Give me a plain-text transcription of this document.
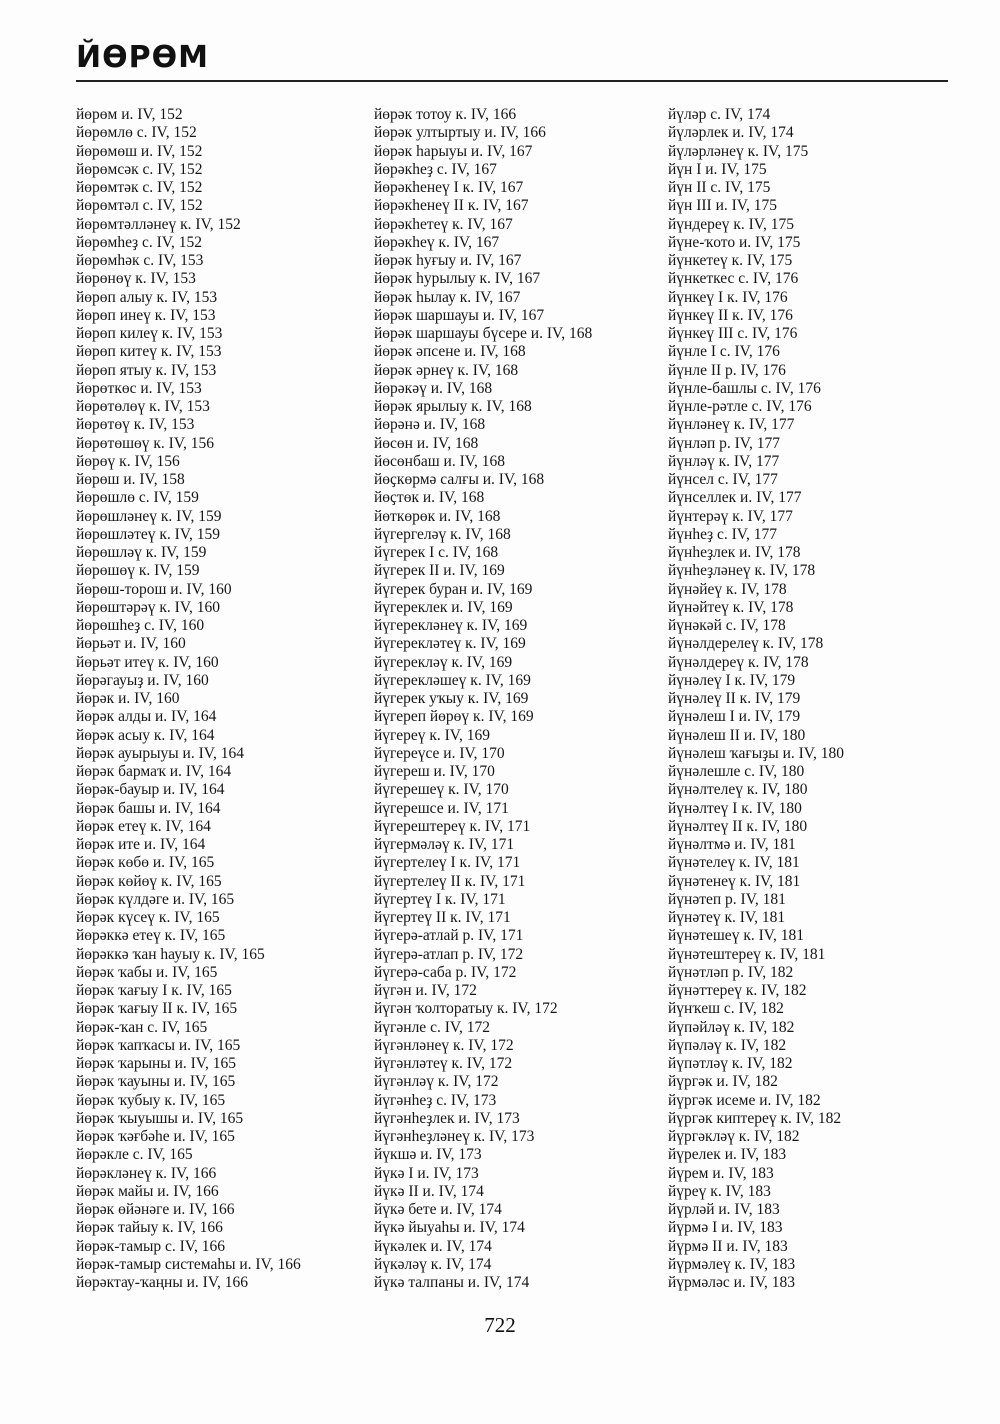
ЙӨРӨМ
йөрөм и. IV, 152
йөрөмлө с. IV, 152
йөрөмөш и. IV, 152
йөрөмсәк с. IV, 152
йөрөмтәк с. IV, 152
йөрөмтәл с. IV, 152
йөрөмтәлләнеү к. IV, 152
йөрөмһеҙ с. IV, 152
йөрөмһәк с. IV, 153
йөрөнөү к. IV, 153
йөрөп алыу к. IV, 153
йөрөп инеү к. IV, 153
йөрөп килеү к. IV, 153
йөрөп китеү к. IV, 153
йөрөп ятыу к. IV, 153
йөрөткөс и. IV, 153
йөрөтөлөү к. IV, 153
йөрөтөү к. IV, 153
йөрөтөшөү к. IV, 156
йөрөү к. IV, 156
йөрөш и. IV, 158
йөрөшлө с. IV, 159
йөрөшләнеү к. IV, 159
йөрөшләтеү к. IV, 159
йөрөшләү к. IV, 159
йөрөшөү к. IV, 159
йөрөш-торош и. IV, 160
йөрөштәрәү к. IV, 160
йөрөшһеҙ с. IV, 160
йөрьәт и. IV, 160
йөрьәт итеү к. IV, 160
йөрәгауыҙ и. IV, 160
йөрәк и. IV, 160
йөрәк алды и. IV, 164
йөрәк асыу к. IV, 164
йөрәк ауырыуы и. IV, 164
йөрәк бармаҡ и. IV, 164
йөрәк-бауыр и. IV, 164
йөрәк башы и. IV, 164
йөрәк етеү к. IV, 164
йөрәк ите и. IV, 164
йөрәк көбө и. IV, 165
йөрәк көйөү к. IV, 165
йөрәк күлдәге и. IV, 165
йөрәк күсеү к. IV, 165
йөрәккә етеү к. IV, 165
йөрәккә ҡан һауыу к. IV, 165
йөрәк ҡабы и. IV, 165
йөрәк ҡағыу I к. IV, 165
йөрәк ҡағыу II к. IV, 165
йөрәк-ҡан с. IV, 165
йөрәк ҡапҡасы и. IV, 165
йөрәк ҡарыны и. IV, 165
йөрәк ҡауыны и. IV, 165
йөрәк ҡубыу к. IV, 165
йөрәк ҡыуышы и. IV, 165
йөрәк ҡәғбәһе и. IV, 165
йөрәкле с. IV, 165
йөрәкләнеү к. IV, 166
йөрәк майы и. IV, 166
йөрәк өйәнәге и. IV, 166
йөрәк тайыу к. IV, 166
йөрәк-тамыр с. IV, 166
йөрәк-тамыр системаһы и. IV, 166
йөрәктау-ҡаңны и. IV, 166
йөрәк тотоу к. IV, 166
йөрәк ултыртыу и. IV, 166
йөрәк һарыуы и. IV, 167
йөрәкһеҙ с. IV, 167
йөрәкһенеү I к. IV, 167
йөрәкһенеү II к. IV, 167
йөрәкһетеү к. IV, 167
йөрәкһеү к. IV, 167
йөрәк һуғыу и. IV, 167
йөрәк һурылыу к. IV, 167
йөрәк һылау к. IV, 167
йөрәк шаршауы и. IV, 167
йөрәк шаршауы бүсере и. IV, 168
йөрәк әпсене и. IV, 168
йөрәк әрнеү к. IV, 168
йөрәкәү и. IV, 168
йөрәк ярылыу к. IV, 168
йөрәнә и. IV, 168
йөсөн и. IV, 168
йөсөнбаш и. IV, 168
йөҫкөрмә салғы и. IV, 168
йөҫтөк и. IV, 168
йөткөрөк и. IV, 168
йүгергеләү к. IV, 168
йүгерек I с. IV, 168
йүгерек II и. IV, 169
йүгерек буран и. IV, 169
йүгереклек и. IV, 169
йүгерекләнеү к. IV, 169
йүгерекләтеү к. IV, 169
йүгерекләү к. IV, 169
йүгерекләшеү к. IV, 169
йүгерек уҡыу к. IV, 169
йүгереп йөрөү к. IV, 169
йүгереү к. IV, 169
йүгереүсе и. IV, 170
йүгереш и. IV, 170
йүгерешеү к. IV, 170
йүгерешсе и. IV, 171
йүгерештереү к. IV, 171
йүгермәләү к. IV, 171
йүгертелеү I к. IV, 171
йүгертелеү II к. IV, 171
йүгертеү I к. IV, 171
йүгертеү II к. IV, 171
йүгерә-атлай р. IV, 171
йүгерә-атлап р. IV, 172
йүгерә-саба р. IV, 172
йүгән и. IV, 172
йүгән ҡолторатыу к. IV, 172
йүгәнле с. IV, 172
йүгәнләнеү к. IV, 172
йүгәнләтеү к. IV, 172
йүгәнләү к. IV, 172
йүгәнһеҙ с. IV, 173
йүгәнһеҙлек и. IV, 173
йүгәнһеҙләнеү к. IV, 173
йүкшә и. IV, 173
йүкә I и. IV, 173
йүкә II и. IV, 174
йүкә бете и. IV, 174
йүкә йыуаһы и. IV, 174
йүкәлек и. IV, 174
йүкәләү к. IV, 174
йүкә талпаны и. IV, 174
йүләр с. IV, 174
йүләрлек и. IV, 174
йүләрләнеү к. IV, 175
йүн I и. IV, 175
йүн II с. IV, 175
йүн III и. IV, 175
йүндереү к. IV, 175
йүне-ҡото и. IV, 175
йүнкетеү к. IV, 175
йүнкеткес с. IV, 176
йүнкеү I к. IV, 176
йүнкеү II к. IV, 176
йүнкеү III с. IV, 176
йүнле I с. IV, 176
йүнле II р. IV, 176
йүнле-башлы с. IV, 176
йүнле-рәтле с. IV, 176
йүнләнеү к. IV, 177
йүнләп р. IV, 177
йүнләү к. IV, 177
йүнсел с. IV, 177
йүнселлек и. IV, 177
йүнтерәү к. IV, 177
йүнһеҙ с. IV, 177
йүнһеҙлек и. IV, 178
йүнһеҙләнеү к. IV, 178
йүнәйеү к. IV, 178
йүнәйтеү к. IV, 178
йүнәкәй с. IV, 178
йүнәлдерелеү к. IV, 178
йүнәлдереү к. IV, 178
йүнәлеү I к. IV, 179
йүнәлеү II к. IV, 179
йүнәлеш I и. IV, 179
йүнәлеш II и. IV, 180
йүнәлеш ҡағыҙы и. IV, 180
йүнәлешле с. IV, 180
йүнәлтелеү к. IV, 180
йүнәлтеү I к. IV, 180
йүнәлтеү II к. IV, 180
йүнәлтмә и. IV, 181
йүнәтелеү к. IV, 181
йүнәтенеү к. IV, 181
йүнәтеп р. IV, 181
йүнәтеү к. IV, 181
йүнәтешеү к. IV, 181
йүнәтештереү к. IV, 181
йүнәтләп р. IV, 182
йүнәттереү к. IV, 182
йүнҡеш с. IV, 182
йүпәйләү к. IV, 182
йүпәләү к. IV, 182
йүпәтләү к. IV, 182
йүргәк и. IV, 182
йүргәк исеме и. IV, 182
йүргәк киптереү к. IV, 182
йүргәкләү к. IV, 182
йүрелек и. IV, 183
йүрем и. IV, 183
йүреү к. IV, 183
йүрләй и. IV, 183
йүрмә I и. IV, 183
йүрмә II и. IV, 183
йүрмәлеү к. IV, 183
йүрмәләс и. IV, 183
722
